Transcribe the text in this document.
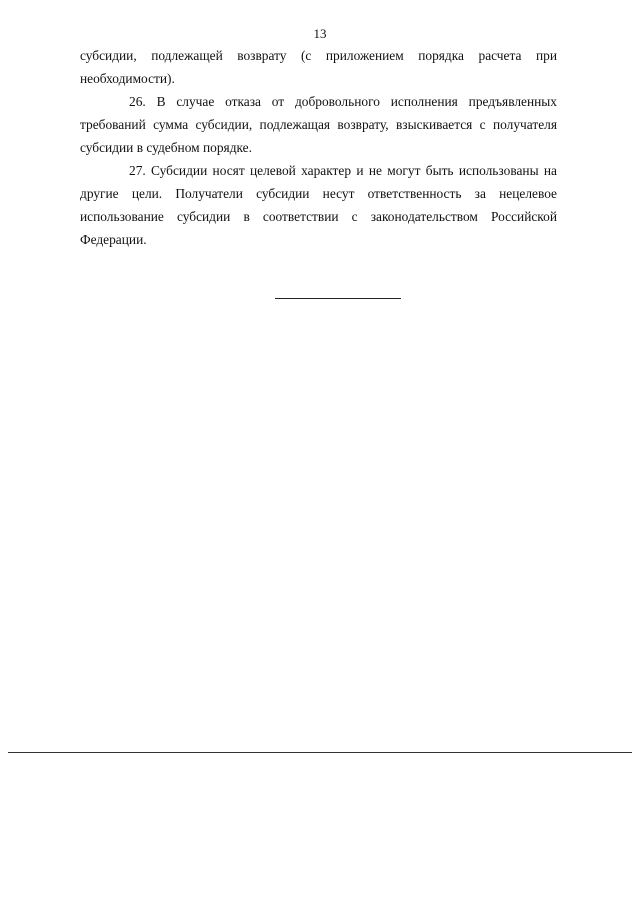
13

субсидии, подлежащей возврату (с приложением порядка расчета при необходимости).

26. В случае отказа от добровольного исполнения предъявленных требований сумма субсидии, подлежащая возврату, взыскивается с получателя субсидии в судебном порядке.

27. Субсидии носят целевой характер и не могут быть использованы на другие цели. Получатели субсидии несут ответственность за нецелевое использование субсидии в соответствии с законодательством Российской Федерации.
